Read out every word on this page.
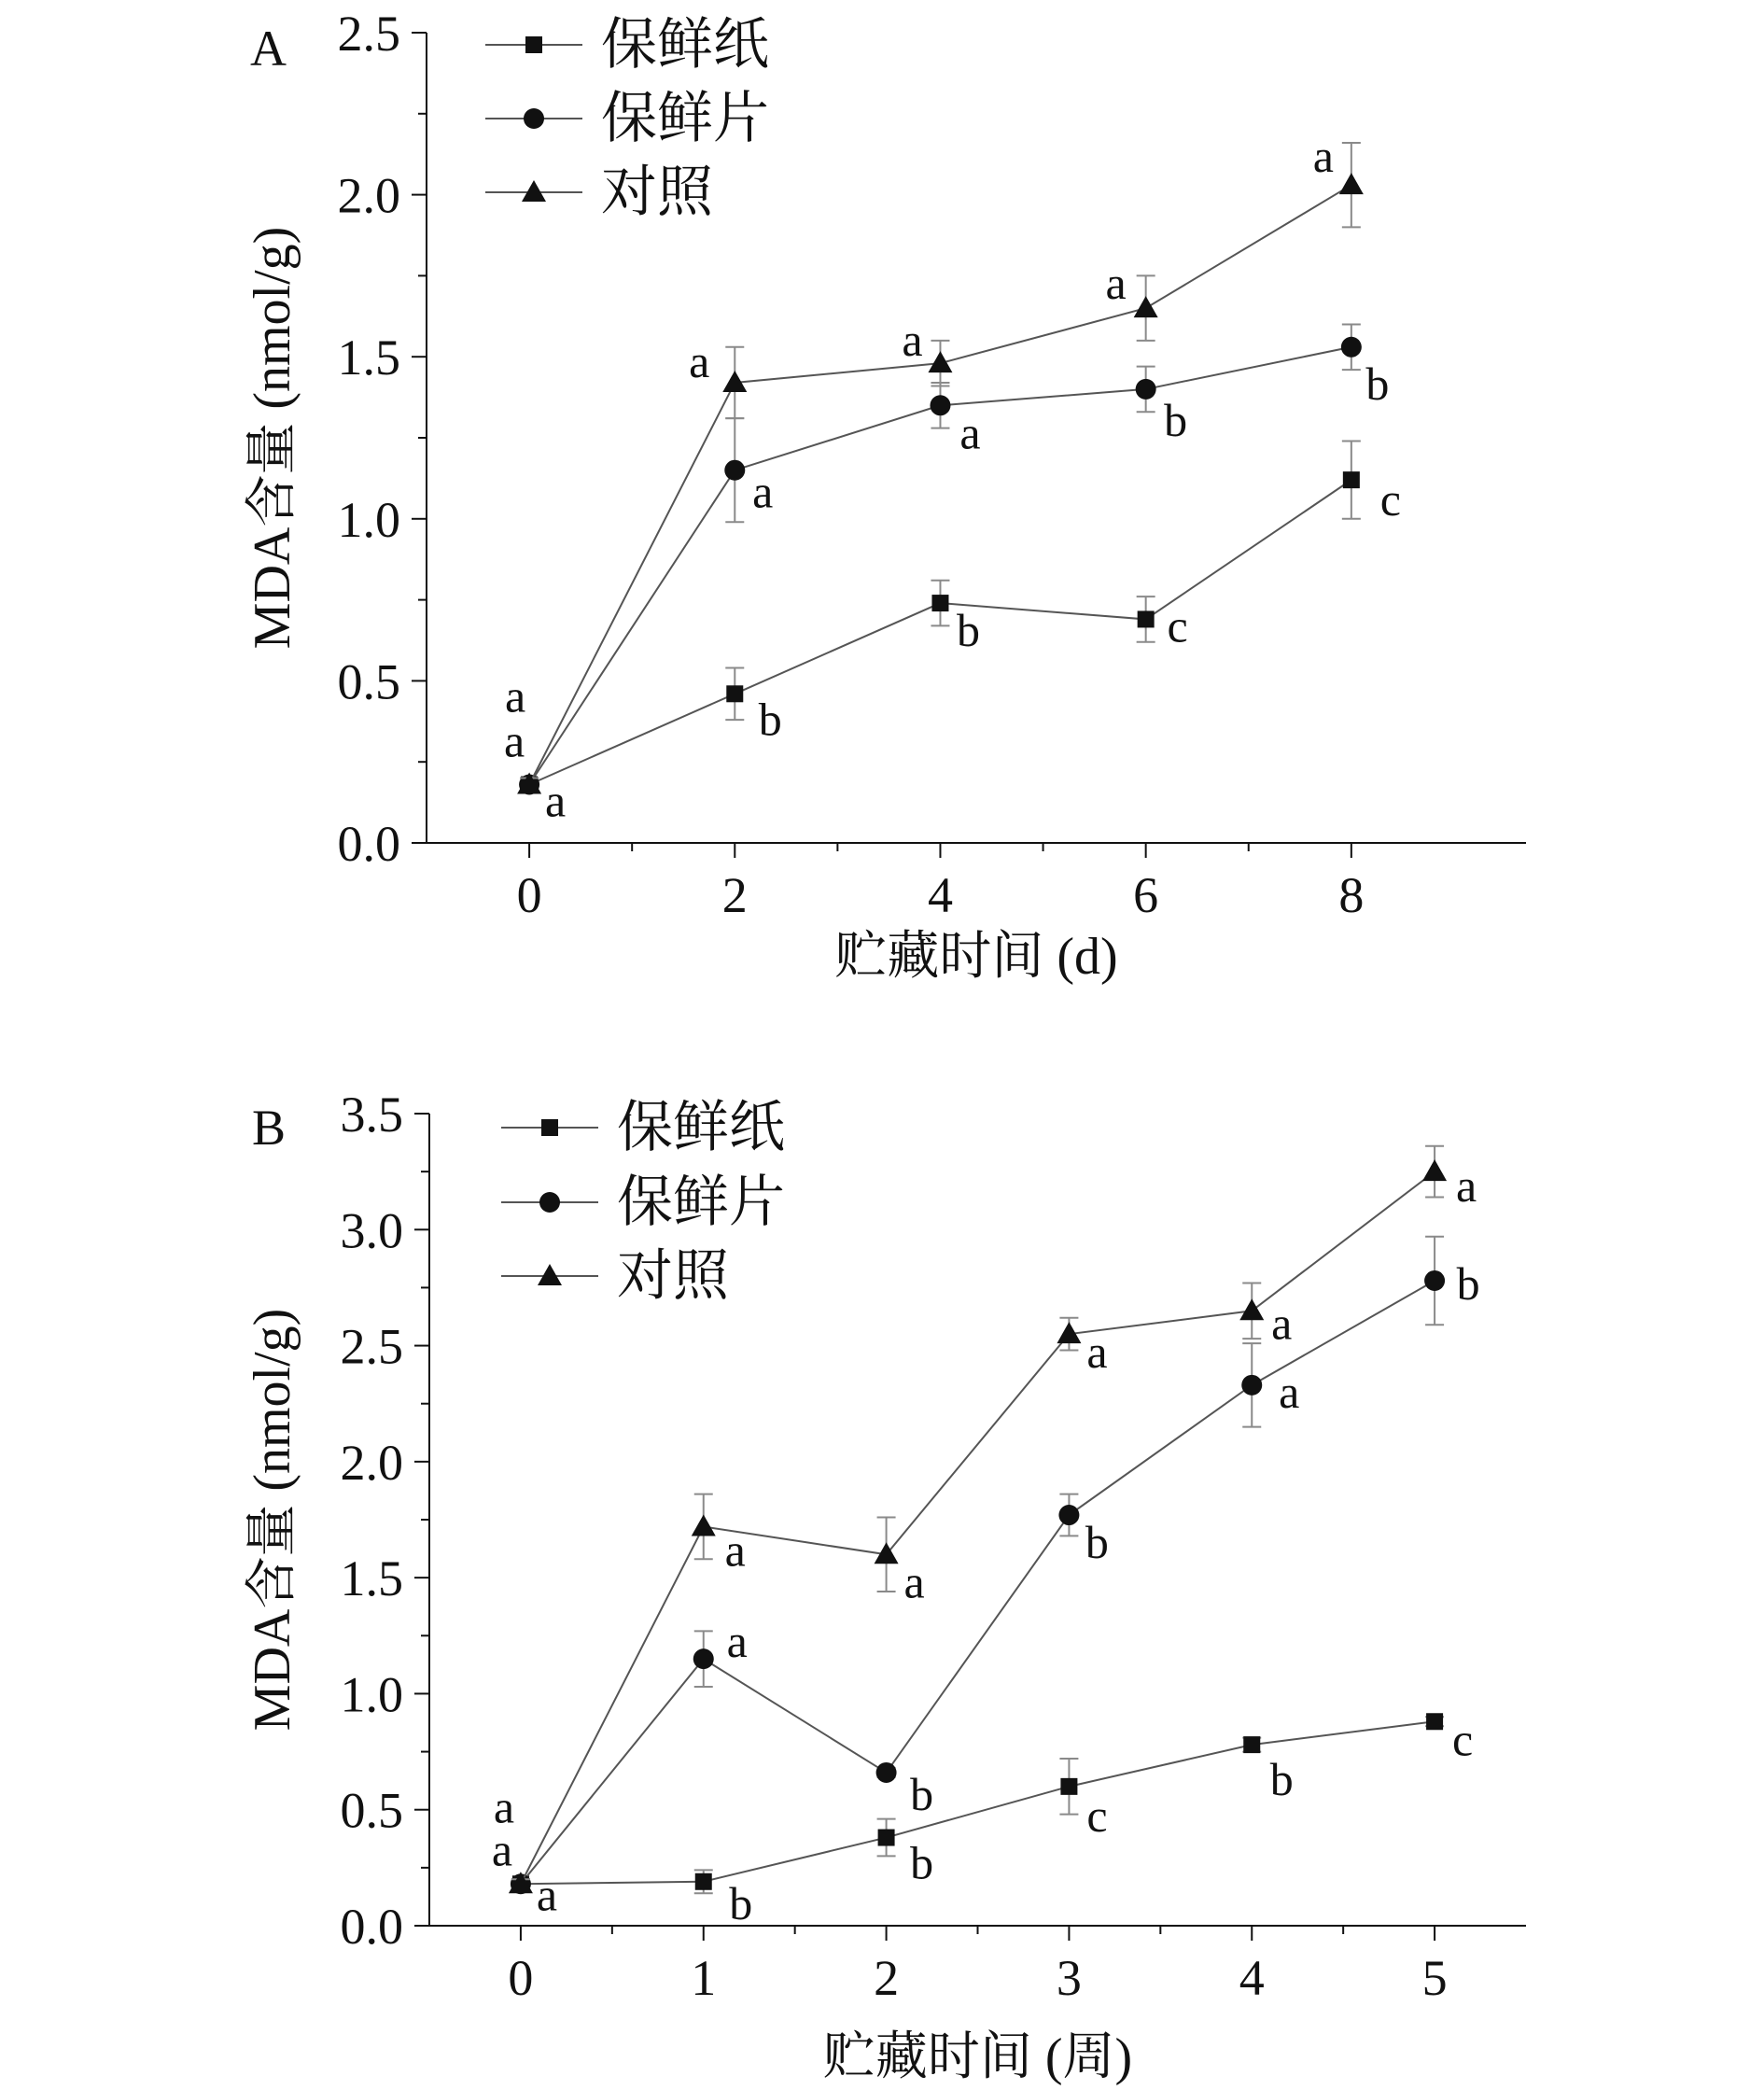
0.0
0.5
1.0
1.5
2.0
2.5
0	2	4	6	8
贮藏时间 (d)
MDA含量 (nmol/g)
A
a
b
b	c
c
保鲜纸
a
a
a	b
b
保鲜片
a
a	a
a
a
对照
0.0
0.5
1.0
1.5
2.0
2.5
3.0
3.5
0	1	2	3	4	5
贮藏时间 (周)
MDA含量 (nmol/g)
B
a	b
b
c
b
c
保鲜纸
a
a
b
b
a
b
保鲜片
a
a
a
a
a
a
对照
